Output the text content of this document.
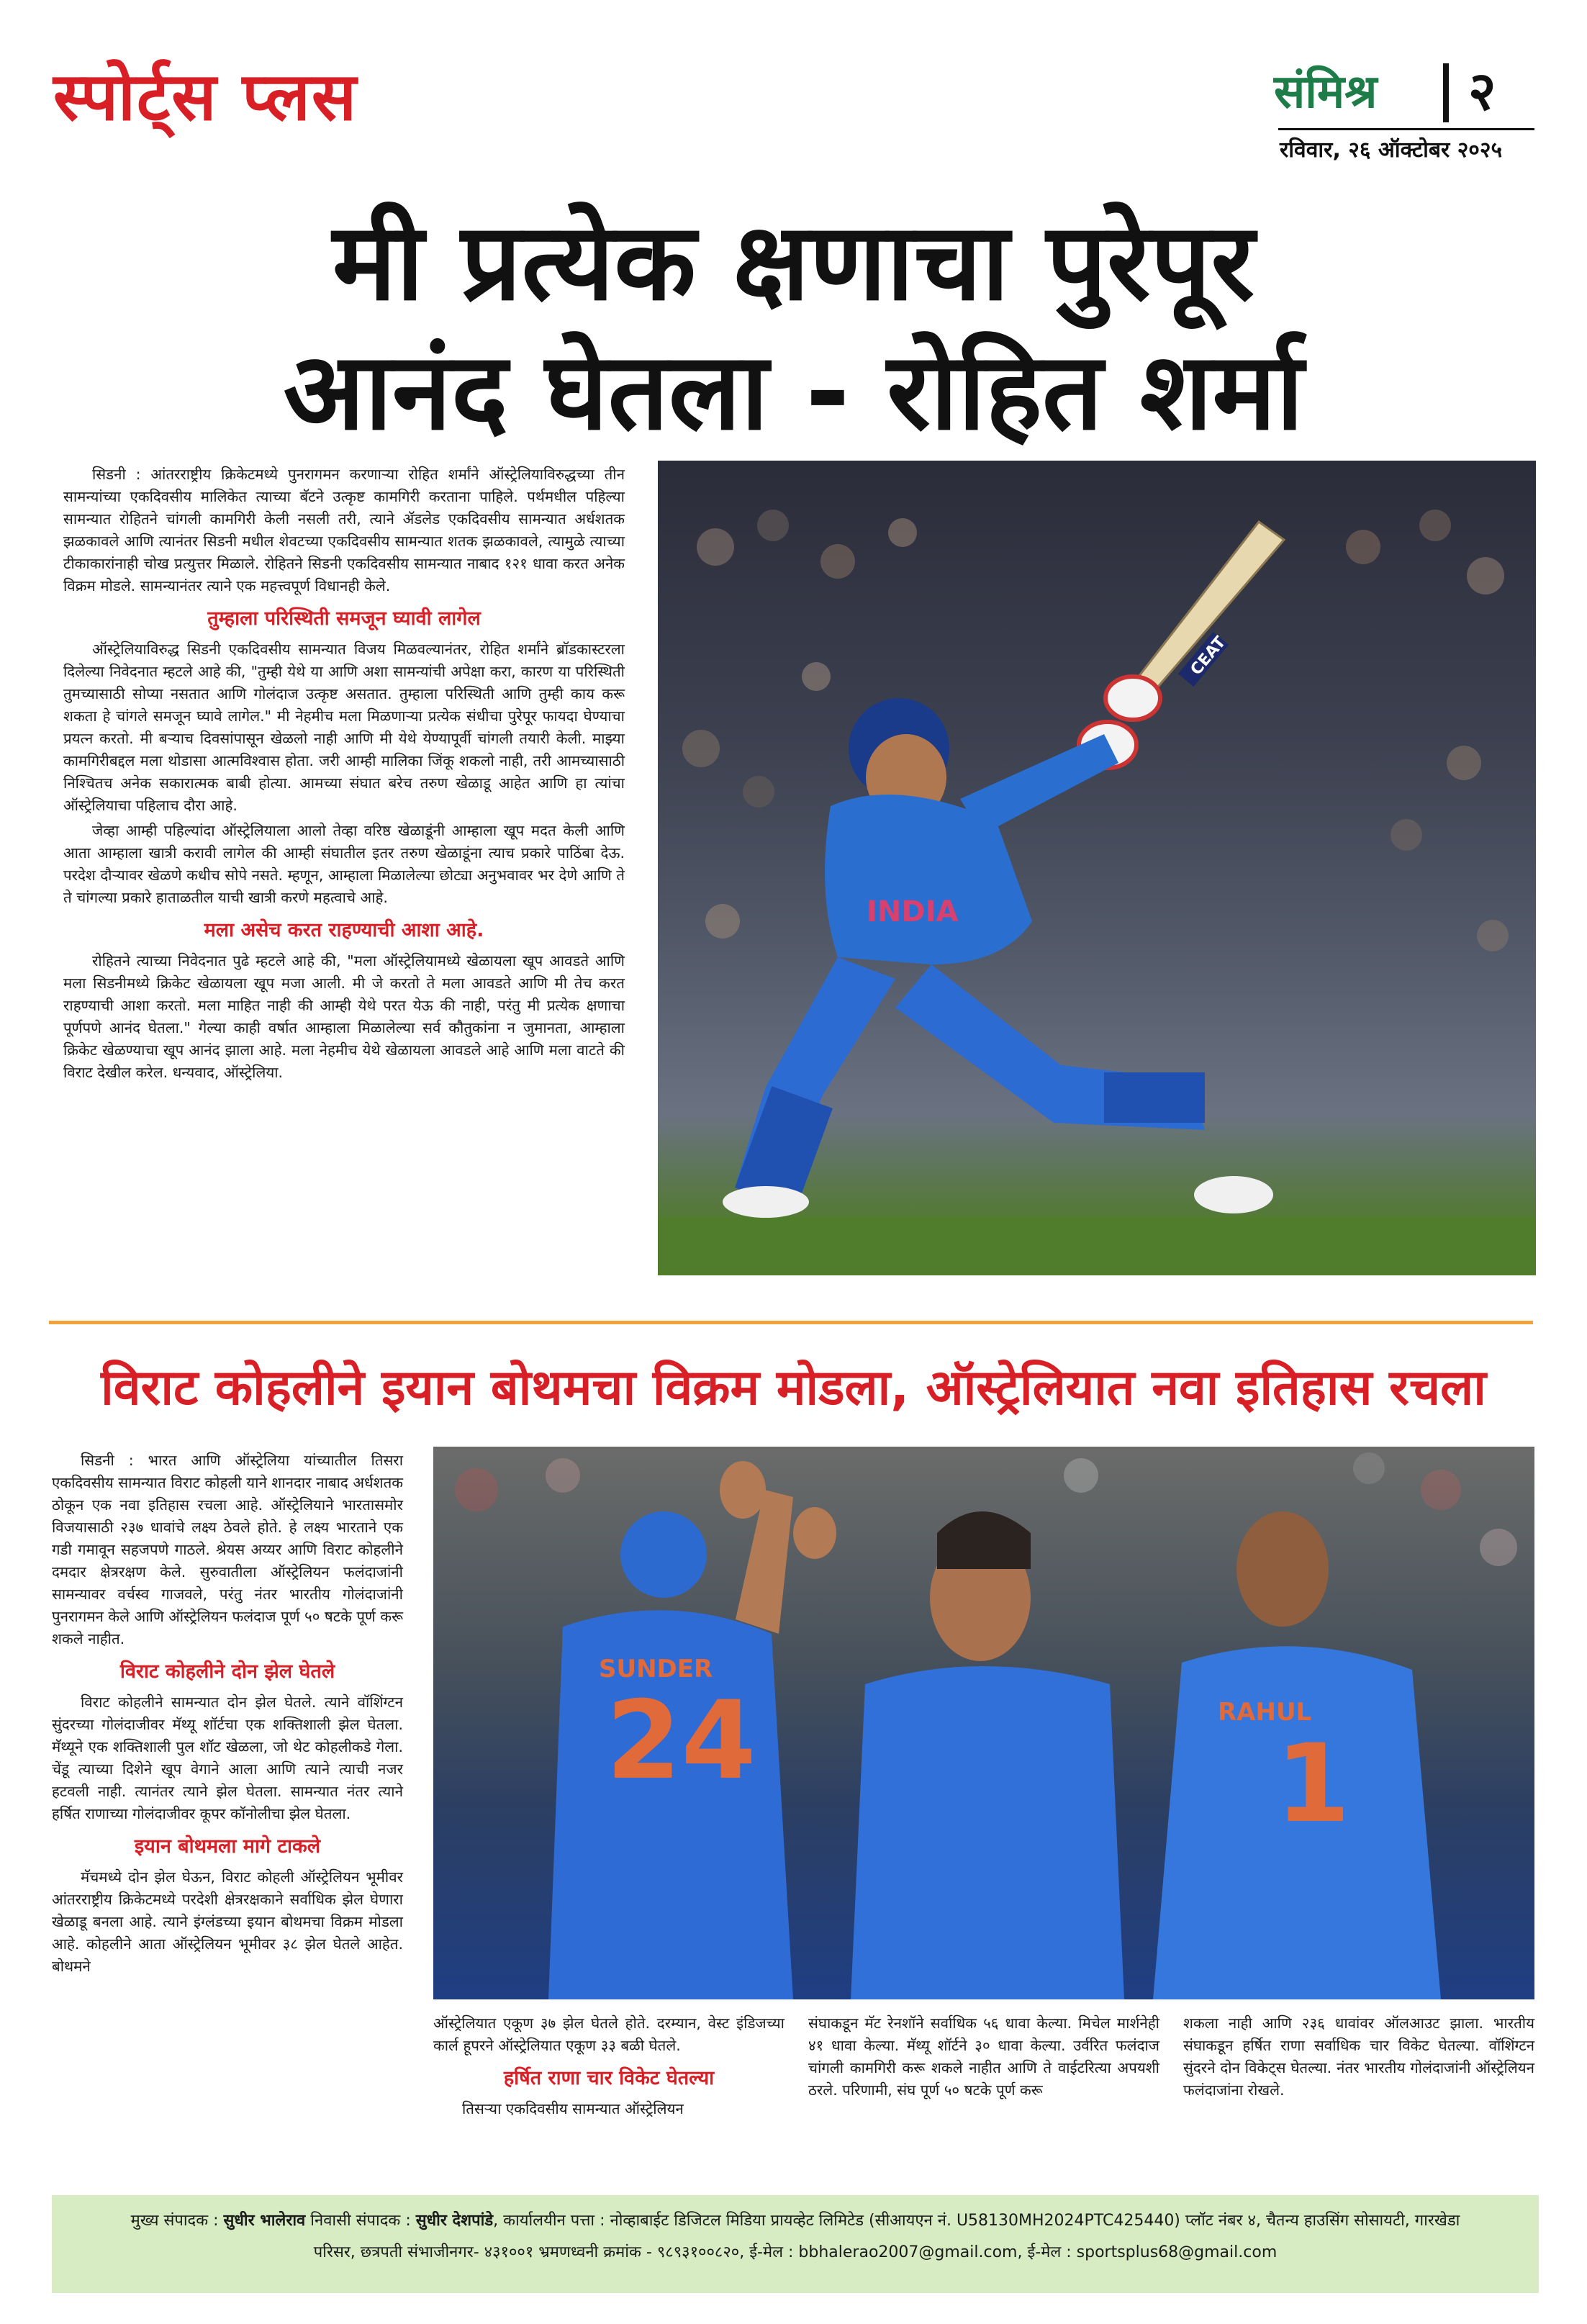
स्पोर्ट्स प्लस	संमिश्र २
रविवार, २६ ऑक्टोबर २०२५
मी प्रत्येक क्षणाचा पुरेपूर
आनंद घेतला - रोहित शर्मा

सिडनी : आंतरराष्ट्रीय क्रिकेटमध्ये पुनरागमन करणाऱ्या रोहित शर्मांने ऑस्ट्रेलियाविरुद्धच्या तीन सामन्यांच्या एकदिवसीय मालिकेत त्याच्या बॅटने उत्कृष्ट कामगिरी करताना पाहिले. पर्थमधील पहिल्या सामन्यात रोहितने चांगली कामगिरी केली नसली तरी, त्याने ॲडलेड एकदिवसीय सामन्यात अर्धशतक झळकावले आणि त्यानंतर सिडनी मधील शेवटच्या एकदिवसीय सामन्यात शतक झळकावले, त्यामुळे त्याच्या टीकाकारांनाही चोख प्रत्युत्तर मिळाले. रोहितने सिडनी एकदिवसीय सामन्यात नाबाद १२१ धावा करत अनेक विक्रम मोडले. सामन्यानंतर त्याने एक महत्त्वपूर्ण विधानही केले.

तुम्हाला परिस्थिती समजून घ्यावी लागेल

ऑस्ट्रेलियाविरुद्ध सिडनी एकदिवसीय सामन्यात विजय मिळवल्यानंतर, रोहित शर्मांने ब्रॉडकास्टरला दिलेल्या निवेदनात म्हटले आहे की, "तुम्ही येथे या आणि अशा सामन्यांची अपेक्षा करा, कारण या परिस्थिती तुमच्यासाठी सोप्या नसतात आणि गोलंदाज उत्कृष्ट असतात. तुम्हाला परिस्थिती आणि तुम्ही काय करू शकता हे चांगले समजून घ्यावे लागेल." मी नेहमीच मला मिळणाऱ्या प्रत्येक संधीचा पुरेपूर फायदा घेण्याचा प्रयत्न करतो. मी बऱ्याच दिवसांपासून खेळलो नाही आणि मी येथे येण्यापूर्वी चांगली तयारी केली. माझ्या कामगिरीबद्दल मला थोडासा आत्मविश्वास होता. जरी आम्ही मालिका जिंकू शकलो नाही, तरी आमच्यासाठी निश्चितच अनेक सकारात्मक बाबी होत्या. आमच्या संघात बरेच तरुण खेळाडू आहेत आणि हा त्यांचा ऑस्ट्रेलियाचा पहिलाच दौरा आहे.

जेव्हा आम्ही पहिल्यांदा ऑस्ट्रेलियाला आलो तेव्हा वरिष्ठ खेळाडूंनी आम्हाला खूप मदत केली आणि आता आम्हाला खात्री करावी लागेल की आम्ही संघातील इतर तरुण खेळाडूंना त्याच प्रकारे पाठिंबा देऊ. परदेश दौऱ्यावर खेळणे कधीच सोपे नसते. म्हणून, आम्हाला मिळालेल्या छोट्या अनुभवावर भर देणे आणि ते ते चांगल्या प्रकारे हाताळतील याची खात्री करणे महत्वाचे आहे.

मला असेच करत राहण्याची आशा आहे.

रोहितने त्याच्या निवेदनात पुढे म्हटले आहे की, "मला ऑस्ट्रेलियामध्ये खेळायला खूप आवडते आणि मला सिडनीमध्ये क्रिकेट खेळायला खूप मजा आली. मी जे करतो ते मला आवडते आणि मी तेच करत राहण्याची आशा करतो. मला माहित नाही की आम्ही येथे परत येऊ की नाही, परंतु मी प्रत्येक क्षणाचा पूर्णपणे आनंद घेतला." गेल्या काही वर्षात आम्हाला मिळालेल्या सर्व कौतुकांना न जुमानता, आम्हाला क्रिकेट खेळण्याचा खूप आनंद झाला आहे. मला नेहमीच येथे खेळायला आवडले आहे आणि मला वाटते की विराट देखील करेल. धन्यवाद, ऑस्ट्रेलिया.

CEAT
INDIA
विराट कोहलीने इयान बोथमचा विक्रम मोडला, ऑस्ट्रेलियात नवा इतिहास रचला

सिडनी : भारत आणि ऑस्ट्रेलिया यांच्यातील तिसरा एकदिवसीय सामन्यात विराट कोहली याने शानदार नाबाद अर्धशतक ठोकून एक नवा इतिहास रचला आहे. ऑस्ट्रेलियाने भारतासमोर विजयासाठी २३७ धावांचे लक्ष्य ठेवले होते. हे लक्ष्य भारताने एक गडी गमावून सहजपणे गाठले. श्रेयस अय्यर आणि विराट कोहलीने दमदार क्षेत्ररक्षण केले. सुरुवातीला ऑस्ट्रेलियन फलंदाजांनी सामन्यावर वर्चस्व गाजवले, परंतु नंतर भारतीय गोलंदाजांनी पुनरागमन केले आणि ऑस्ट्रेलियन फलंदाज पूर्ण ५० षटके पूर्ण करू शकले नाहीत.

विराट कोहलीने दोन झेल घेतले

विराट कोहलीने सामन्यात दोन झेल घेतले. त्याने वॉशिंग्टन सुंदरच्या गोलंदाजीवर मॅथ्यू शॉर्टचा एक शक्तिशाली झेल घेतला. मॅथ्यूने एक शक्तिशाली पुल शॉट खेळला, जो थेट कोहलीकडे गेला. चेंडू त्याच्या दिशेने खूप वेगाने आला आणि त्याने त्याची नजर हटवली नाही. त्यानंतर त्याने झेल घेतला. सामन्यात नंतर त्याने हर्षित राणाच्या गोलंदाजीवर कूपर कॉनोलीचा झेल घेतला.

इयान बोथमला मागे टाकले

मॅचमध्ये दोन झेल घेऊन, विराट कोहली ऑस्ट्रेलियन भूमीवर आंतरराष्ट्रीय क्रिकेटमध्ये परदेशी क्षेत्ररक्षकाने सर्वाधिक झेल घेणारा खेळाडू बनला आहे. त्याने इंग्लंडच्या इयान बोथमचा विक्रम मोडला आहे. कोहलीने आता ऑस्ट्रेलियन भूमीवर ३८ झेल घेतले आहेत. बोथमने

24
SUNDER
1
RAHUL

ऑस्ट्रेलियात एकूण ३७ झेल घेतले होते. दरम्यान, वेस्ट इंडिजच्या कार्ल हूपरने ऑस्ट्रेलियात एकूण ३३ बळी घेतले.

हर्षित राणा चार विकेट घेतल्या

तिसऱ्या एकदिवसीय सामन्यात ऑस्ट्रेलियन

संघाकडून मॅट रेनशॉने सर्वाधिक ५६ धावा केल्या. मिचेल मार्शनेही ४१ धावा केल्या. मॅथ्यू शॉर्टने ३० धावा केल्या. उर्वरित फलंदाज चांगली कामगिरी करू शकले नाहीत आणि ते वाईटरित्या अपयशी ठरले. परिणामी, संघ पूर्ण ५० षटके पूर्ण करू

शकला नाही आणि २३६ धावांवर ऑलआउट झाला. भारतीय संघाकडून हर्षित राणा सर्वाधिक चार विकेट घेतल्या. वॉशिंग्टन सुंदरने दोन विकेट्स घेतल्या. नंतर भारतीय गोलंदाजांनी ऑस्ट्रेलियन फलंदाजांना रोखले.

मुख्य संपादक : सुधीर भालेराव निवासी संपादक : सुधीर देशपांडे, कार्यालयीन पत्ता : नोव्हाबाईट डिजिटल मिडिया प्रायव्हेट लिमिटेड (सीआयएन नं. U58130MH2024PTC425440) प्लॉट नंबर ४, चैतन्य हाउसिंग सोसायटी, गारखेडा
परिसर, छत्रपती संभाजीनगर- ४३१००१ भ्रमणध्वनी क्रमांक - ९८९३१००८२०, ई-मेल : bbhalerao2007@gmail.com, ई-मेल : sportsplus68@gmail.com
